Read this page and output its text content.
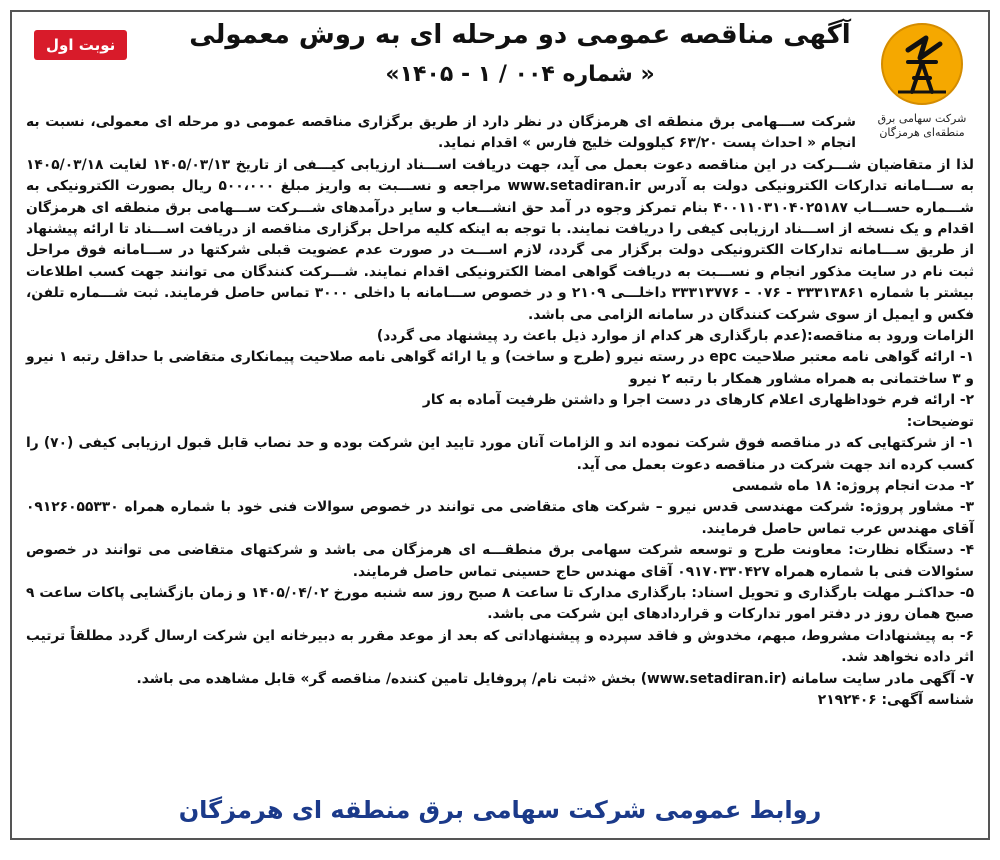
نوبت اول	آگهی مناقصه عمومی دو مرحله ای به روش معمولی
« شماره ۰۰۴ / ۱ - ۱۴۰۵»
شرکت سهامی برق
منطقه‌ای هرمزگان

شرکت ســـهامی برق منطقه ای هرمزگان در نظر دارد از طریق برگزاری مناقصه عمومی دو مرحله ای معمولی، نسبت به انجام « احداث پست ۶۳/۲۰ کیلوولت خلیج فارس » اقدام نماید.

لذا از متقاضیان شـــرکت در این مناقصه دعوت بعمل می آید، جهت دریافت اســـناد ارزیابی کیـــفی از تاریخ ۱۴۰۵/۰۳/۱۳ لغایت ۱۴۰۵/۰۳/۱۸ به ســـامانه تدارکات الکترونیکی دولت به آدرس www.setadiran.ir مراجعه و نســـبت به واریز مبلغ ۵۰۰،۰۰۰ ریال بصورت الکترونیکی به شـــماره حســـاب ۴۰۰۱۱۰۳۱۰۴۰۲۵۱۸۷ بنام تمرکز وجوه در آمد حق انشـــعاب و سایر درآمدهای شـــرکت ســـهامی برق منطقه ای هرمزگان اقدام و یک نسخه از اســـناد ارزیابی کیفی را دریافت نمایند. با توجه به اینکه کلیه مراحل برگزاری مناقصه از دریافت اســـناد تا ارائه پیشنهاد از طریق ســـامانه تدارکات الکترونیکی دولت برگزار می گردد، لازم اســـت در صورت عدم عضویت قبلی شرکتها در ســـامانه فوق مراحل ثبت نام در سایت مذکور انجام و نســـبت به دریافت گواهی امضا الکترونیکی اقدام نمایند. شـــرکت کنندگان می توانند جهت کسب اطلاعات بیشتر با شماره ۳۳۳۱۳۸۶۱ - ۰۷۶ - ۳۳۳۱۳۷۷۶ داخلـــی ۲۱۰۹ و در خصوص ســـامانه با داخلی ۳۰۰۰ تماس حاصل فرمایند. ثبت شـــماره تلفن، فکس و ایمیل از سوی شرکت کنندگان در سامانه الزامی می باشد.

الزامات ورود به مناقصه:(عدم بارگذاری هر کدام از موارد ذیل باعث رد پیشنهاد می گردد)

۱- ارائه گواهی نامه معتبر صلاحیت epc در رسته نیرو (طرح و ساخت) و یا ارائه گواهی نامه صلاحیت پیمانکاری متقاضی با حداقل رتبه ۱ نیرو و ۳ ساختمانی به همراه مشاور همکار با رتبه ۲ نیرو

۲- ارائه فرم خوداظهاری اعلام کارهای در دست اجرا و داشتن ظرفیت آماده به کار

توضیحات:

۱- از شرکتهایی که در مناقصه فوق شرکت نموده اند و الزامات آنان مورد تایید این شرکت بوده و حد نصاب قابل قبول ارزیابی کیفی (۷۰) را کسب کرده اند جهت شرکت در مناقصه دعوت بعمل می آید.

۲- مدت انجام پروژه: ۱۸ ماه شمسی

۳- مشاور پروژه: شرکت مهندسی قدس نیرو – شرکت های متقاضی می توانند در خصوص سوالات فنی خود با شماره همراه ۰۹۱۲۶۰۵۵۳۳۰ آقای مهندس عرب تماس حاصل فرمایند.

۴- دستگاه نظارت: معاونت طرح و توسعه شرکت سهامی برق منطقـــه ای هرمزگان می باشد و شرکتهای متقاضی می توانند در خصوص سئوالات فنی با شماره همراه ۰۹۱۷۰۳۳۰۴۲۷ آقای مهندس حاج حسینی تماس حاصل فرمایند.

۵- حداکثـر مهلت بارگذاری و تحویل اسناد: بارگذاری مدارک تا ساعت ۸ صبح روز سه شنبه مورخ ۱۴۰۵/۰۴/۰۲ و زمان بازگشایی پاکات ساعت ۹ صبح همان روز در دفتر امور تدارکات و قراردادهای این شرکت می باشد.

۶- به پیشنهادات مشروط، مبهم، مخدوش و فاقد سپرده و پیشنهاداتی که بعد از موعد مقرر به دبیرخانه این شرکت ارسال گردد مطلقاً ترتیب اثر داده نخواهد شد.

۷- آگهی مادر سایت سامانه (www.setadiran.ir) بخش «ثبت نام/ پروفایل تامین کننده/ مناقصه گر» قابل مشاهده می باشد.

شناسه آگهی: ۲۱۹۲۴۰۶

روابط عمومی شرکت سهامی برق منطقه ای هرمزگان
